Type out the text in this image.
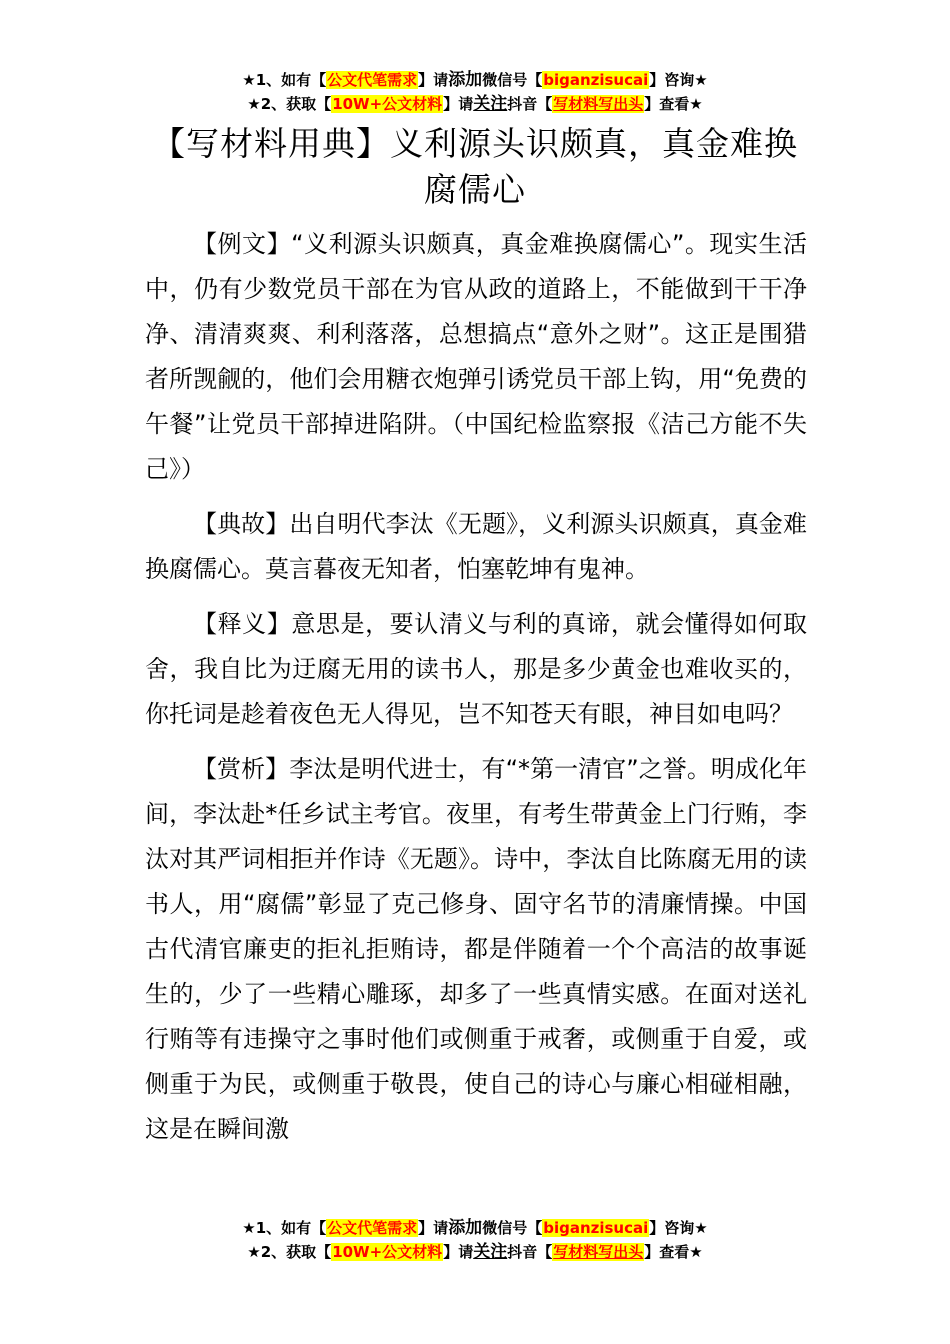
★1、如有【公文代笔需求】请添加微信号【biganzisucai】咨询★
★2、获取【10W+公文材料】请关注抖音【写材料写出头】查看★
【写材料用典】义利源头识颇真，真金难换腐儒心

【例文】“义利源头识颇真，真金难换腐儒心”。现实生活中，仍有少数党员干部在为官从政的道路上，不能做到干干净净、清清爽爽、利利落落，总想搞点“意外之财”。这正是围猎者所觊觎的，他们会用糖衣炮弹引诱党员干部上钩，用“免费的午餐”让党员干部掉进陷阱。（中国纪检监察报《洁己方能不失己》）

【典故】出自明代李汰《无题》，义利源头识颇真，真金难换腐儒心。莫言暮夜无知者，怕塞乾坤有鬼神。

【释义】意思是，要认清义与利的真谛，就会懂得如何取舍，我自比为迂腐无用的读书人，那是多少黄金也难收买的，你托词是趁着夜色无人得见，岂不知苍天有眼，神目如电吗？

【赏析】李汰是明代进士，有“*第一清官”之誉。明成化年间，李汰赴*任乡试主考官。夜里，有考生带黄金上门行贿，李汰对其严词相拒并作诗《无题》。诗中，李汰自比陈腐无用的读书人，用“腐儒”彰显了克己修身、固守名节的清廉情操。中国古代清官廉吏的拒礼拒贿诗，都是伴随着一个个高洁的故事诞生的，少了一些精心雕琢，却多了一些真情实感。在面对送礼行贿等有违操守之事时他们或侧重于戒奢，或侧重于自爱，或侧重于为民，或侧重于敬畏，使自己的诗心与廉心相碰相融，这是在瞬间激

★1、如有【公文代笔需求】请添加微信号【biganzisucai】咨询★
★2、获取【10W+公文材料】请关注抖音【写材料写出头】查看★
